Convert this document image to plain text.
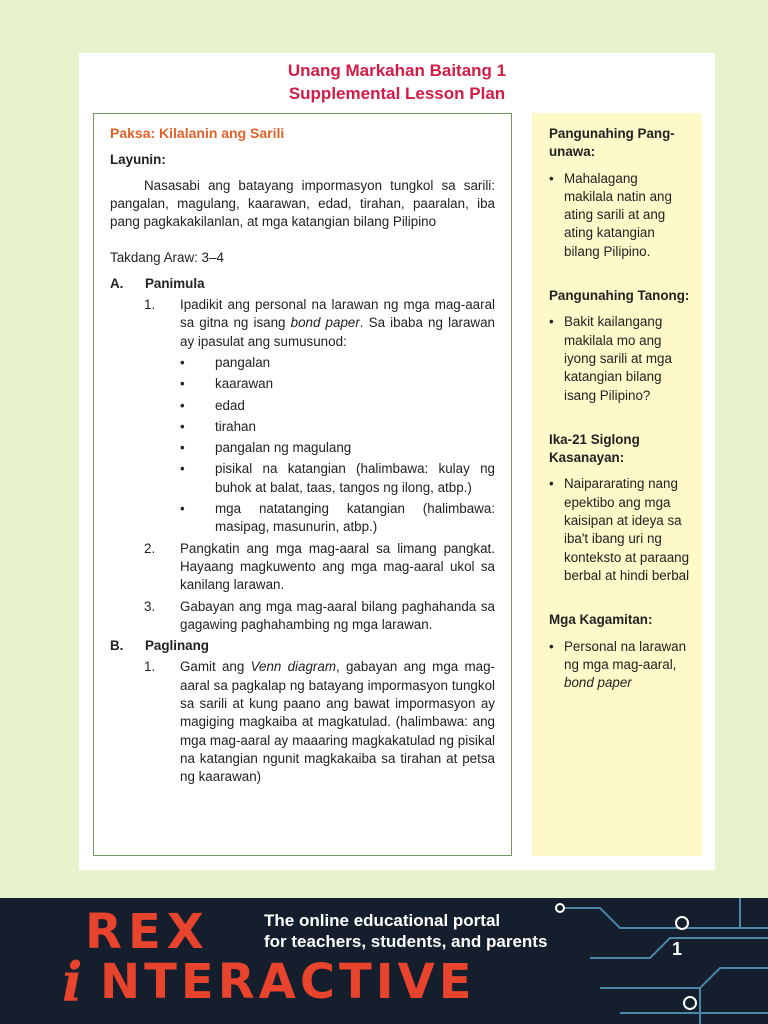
Unang Markahan Baitang 1
Supplemental Lesson Plan
Paksa: Kilalanin ang Sarili
Layunin:
Nasasabi ang batayang impormasyon tungkol sa sarili: pangalan, magulang, kaarawan, edad, tirahan, paaralan, iba pang pagkakakilanlan, at mga katangian bilang Pilipino
Takdang Araw: 3–4
A.	Panimula
1.	Ipadikit ang personal na larawan ng mga mag-aaral sa gitna ng isang bond paper. Sa ibaba ng larawan ay ipasulat ang sumusunod:
•	pangalan
•	kaarawan
•	edad
•	tirahan
•	pangalan ng magulang
•	pisikal na katangian (halimbawa: kulay ng buhok at balat, taas, tangos ng ilong, atbp.)
•	mga natatanging katangian (halimbawa: masipag, masunurin, atbp.)
2.	Pangkatin ang mga mag-aaral sa limang pangkat. Hayaang magkuwento ang mga mag-aaral ukol sa kanilang larawan.
3.	Gabayan ang mga mag-aaral bilang paghahanda sa gagawing paghahambing ng mga larawan.
B.	Paglinang
1.	Gamit ang Venn diagram, gabayan ang mga mag-aaral sa pagkalap ng batayang impormasyon tungkol sa sarili at kung paano ang bawat impormasyon ay magiging magkaiba at magkatulad. (halimbawa: ang mga mag-aaral ay maaaring magkakatulad ng pisikal na katangian ngunit magkakaiba sa tirahan at petsa ng kaarawan)
Pangunahing Pang-unawa:
• Mahalagang makilala natin ang ating sarili at ang ating katangian bilang Pilipino.
Pangunahing Tanong:
• Bakit kailangang makilala mo ang iyong sarili at mga katangian bilang isang Pilipino?
Ika-21 Siglong Kasanayan:
• Naipararating nang epektibo ang mga kaisipan at ideya sa iba't ibang uri ng konteksto at paraang berbal at hindi berbal
Mga Kagamitan:
• Personal na larawan ng mga mag-aaral, bond paper
REX
i NTERACTIVE
The online educational portal
for teachers, students, and parents	1
